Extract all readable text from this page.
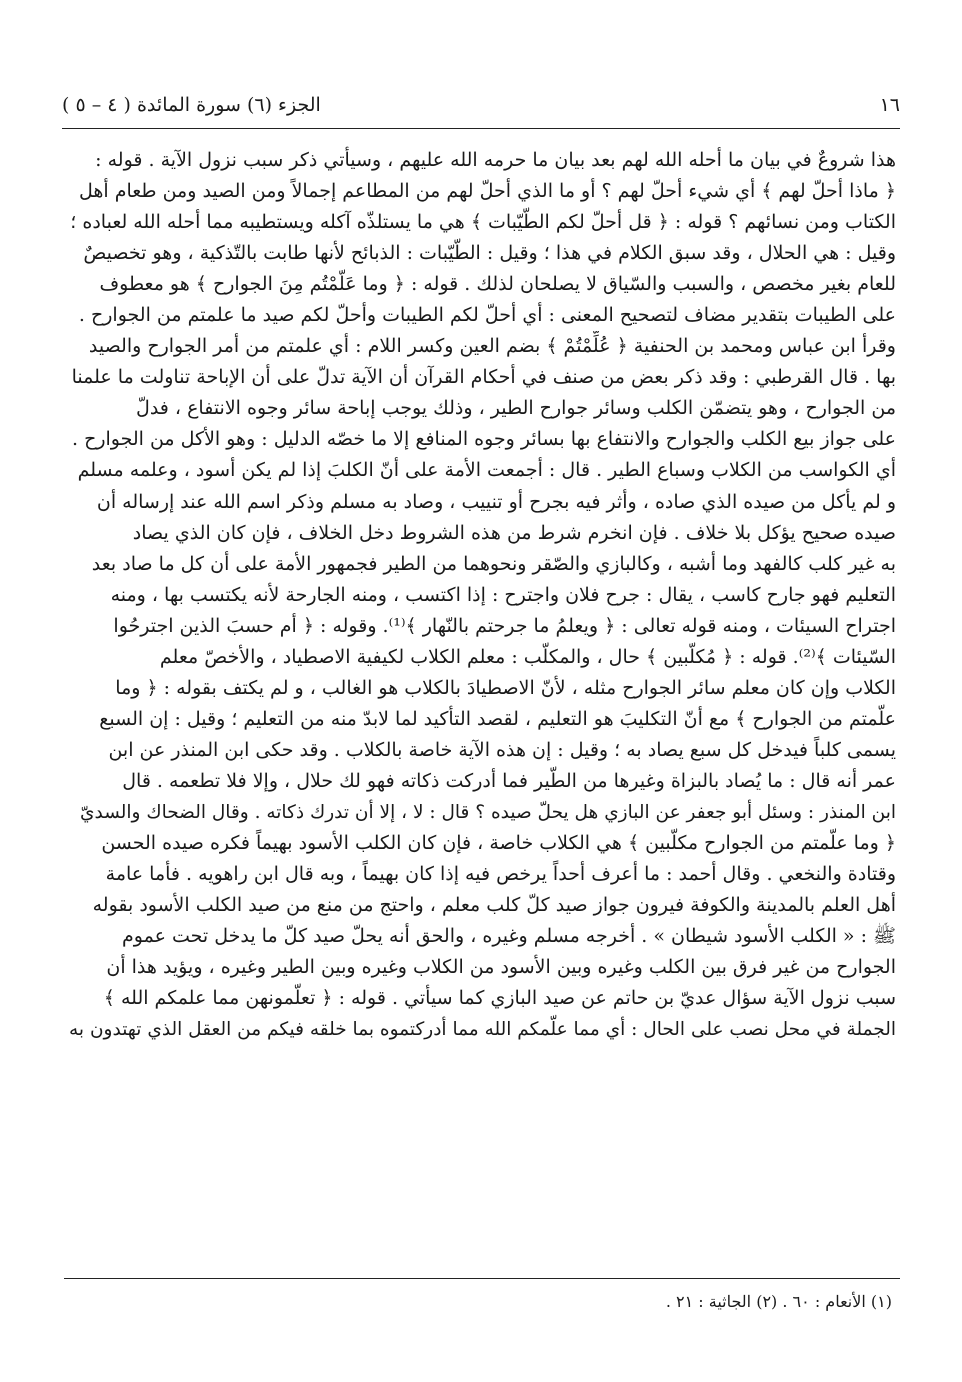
١٦
الجزء (٦) سورة المائدة ( ٤ – ٥ )
هذا شروعٌ في بيان ما أحله الله لهم بعد بيان ما حرمه الله عليهم ، وسيأتي ذكر سبب نزول الآية . قوله :
﴿ ماذا أحلّ لهم ﴾ أي شيء أحلّ لهم ؟ أو ما الذي أحلّ لهم من المطاعم إجمالاً ومن الصيد ومن طعام أهل
الكتاب ومن نسائهم ؟ قوله : ﴿ قل أحلّ لكم الطّيّبات ﴾ هي ما يستلذّه آكله ويستطيبه مما أحله الله لعباده ؛
وقيل : هي الحلال ، وقد سبق الكلام في هذا ؛ وقيل : الطّيّبات : الذبائح لأنها طابت بالتّذكية ، وهو تخصيصٌ
للعام بغير مخصص ، والسبب والسّياق لا يصلحان لذلك . قوله : ﴿ وما عَلّمْتُم مِنَ الجوارح ﴾ هو معطوف
على الطيبات بتقدير مضاف لتصحيح المعنى : أي أحلّ لكم الطيبات وأحلّ لكم صيد ما علمتم من الجوارح .
وقرأ ابن عباس ومحمد بن الحنفية ﴿ عُلِّمْتُمْ ﴾ بضم العين وكسر اللام : أي علمتم من أمر الجوارح والصيد
بها . قال القرطبي : وقد ذكر بعض من صنف في أحكام القرآن أن الآية تدلّ على أن الإباحة تناولت ما علمنا
من الجوارح ، وهو يتضمّن الكلب وسائر جوارح الطير ، وذلك يوجب إباحة سائر وجوه الانتفاع ، فدلّ
على جواز بيع الكلب والجوارح والانتفاع بها بسائر وجوه المنافع إلا ما خصّه الدليل : وهو الأكل من الجوارح .
أي الكواسب من الكلاب وسباع الطير . قال : أجمعت الأمة على أنّ الكلبَ إذا لم يكن أسود ، وعلمه مسلم
و لم يأكل من صيده الذي صاده ، وأثر فيه بجرح أو تنييب ، وصاد به مسلم وذكر اسم الله عند إرساله أن
صيده صحيح يؤكل بلا خلاف . فإن انخرم شرط من هذه الشروط دخل الخلاف ، فإن كان الذي يصاد
به غير كلب كالفهد وما أشبه ، وكالبازي والصّقر ونحوهما من الطير فجمهور الأمة على أن كل ما صاد بعد
التعليم فهو جارح كاسب ، يقال : جرح فلان واجترح : إذا اكتسب ، ومنه الجارحة لأنه يكتسب بها ، ومنه
اجتراح السيئات ، ومنه قوله تعالى : ﴿ ويعلمُ ما جرحتم بالنّهار ﴾⁽¹⁾. وقوله : ﴿ أم حسبَ الذين اجترحُوا
السّيئات ﴾⁽²⁾. قوله : ﴿ مُكلّبين ﴾ حال ، والمكلّب : معلم الكلاب لكيفية الاصطياد ، والأخصّ معلم
الكلاب وإن كان معلم سائر الجوارح مثله ، لأنّ الاصطيادَ بالكلاب هو الغالب ، و لم يكتف بقوله : ﴿ وما
علّمتم من الجوارح ﴾ مع أنّ التكليبَ هو التعليم ، لقصد التأكيد لما لابدّ منه من التعليم ؛ وقيل : إن السبع
يسمى كلباً فيدخل كل سبع يصاد به ؛ وقيل : إن هذه الآية خاصة بالكلاب . وقد حكى ابن المنذر عن ابن
عمر أنه قال : ما يُصاد بالبزاة وغيرها من الطّير فما أدركت ذكاته فهو لك حلال ، وإلا فلا تطعمه . قال
ابن المنذر : وسئل أبو جعفر عن البازي هل يحلّ صيده ؟ قال : لا ، إلا أن تدرك ذكاته . وقال الضحاك والسديّ
﴿ وما علّمتم من الجوارح مكلّبين ﴾ هي الكلاب خاصة ، فإن كان الكلب الأسود بهيماً فكره صيده الحسن
وقتادة والنخعي . وقال أحمد : ما أعرف أحداً يرخص فيه إذا كان بهيماً ، وبه قال ابن راهويه . فأما عامة
أهل العلم بالمدينة والكوفة فيرون جواز صيد كلّ كلب معلم ، واحتج من منع من صيد الكلب الأسود بقوله
ﷺ : « الكلب الأسود شيطان » . أخرجه مسلم وغيره ، والحق أنه يحلّ صيد كلّ ما يدخل تحت عموم
الجوارح من غير فرق بين الكلب وغيره وبين الأسود من الكلاب وغيره وبين الطير وغيره ، ويؤيد هذا أن
سبب نزول الآية سؤال عديّ بن حاتم عن صيد البازي كما سيأتي . قوله : ﴿ تعلّمونهن مما علمكم الله ﴾
الجملة في محل نصب على الحال : أي مما علّمكم الله مما أدركتموه بما خلقه فيكم من العقل الذي تهتدون به
(١) الأنعام : ٦٠ . (٢) الجاثية : ٢١ .
